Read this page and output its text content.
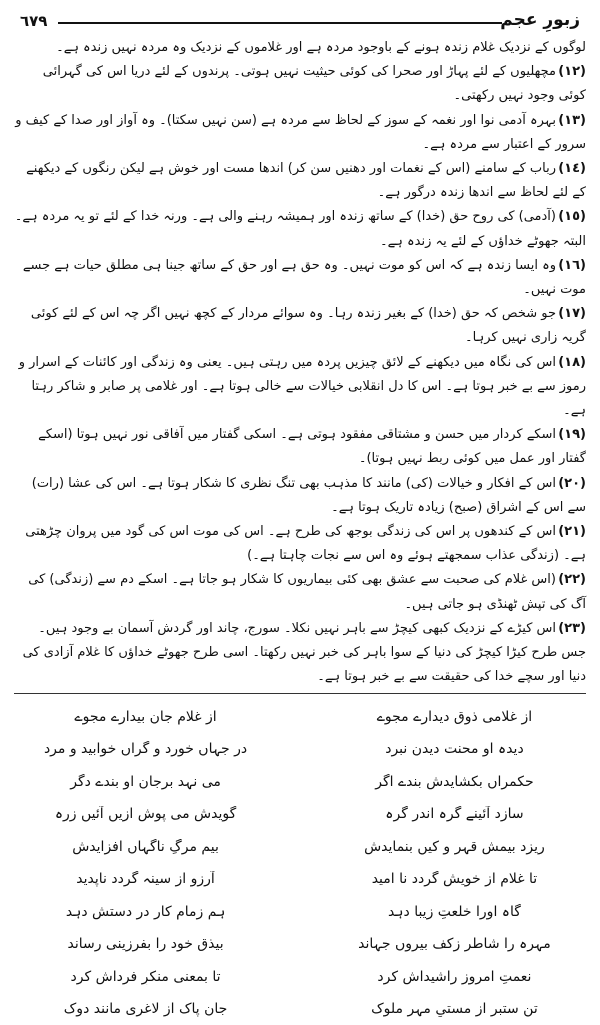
٦٧٩	زبورِ عجم

لوگوں کے نزدیک غلام زندہ ہونے کے باوجود مردہ ہے اور غلاموں کے نزدیک وہ مردہ نہیں زندہ ہے۔

(١٢)مچھلیوں کے لئے پہاڑ اور صحرا کی کوئی حیثیت نہیں ہوتی۔ پرندوں کے لئے دریا اس کی گہرائی کوئی وجود نہیں رکھتی۔

(١٣)بہرہ آدمی نوا اور نغمہ کے سوز کے لحاظ سے مردہ ہے (سن نہیں سکتا)۔ وہ آواز اور صدا کے کیف و سرور کے اعتبار سے مردہ ہے۔

(١٤)رباب کے سامنے (اس کے نغمات اور دھنیں سن کر) اندھا مست اور خوش ہے لیکن رنگوں کے دیکھنے کے لئے لحاظ سے اندھا زندہ درگور ہے۔

(١٥)(آدمی) کی روح حق (خدا) کے ساتھ زندہ اور ہمیشہ رہنے والی ہے۔ ورنہ خدا کے لئے تو یہ مردہ ہے۔ البتہ جھوٹے خداؤں کے لئے یہ زندہ ہے۔

(١٦)وہ ایسا زندہ ہے کہ اس کو موت نہیں۔ وہ حق ہے اور حق کے ساتھ جینا ہی مطلق حیات ہے جسے موت نہیں۔

(١٧)جو شخص کہ حق (خدا) کے بغیر زندہ رہا۔ وہ سوائے مردار کے کچھ نہیں اگر چہ اس کے لئے کوئی گریہ زاری نہیں کرہا۔

(١٨)اس کی نگاہ میں دیکھنے کے لائق چیزیں پردہ میں رہتی ہیں۔ یعنی وہ زندگی اور کائنات کے اسرار و رموز سے بے خبر ہوتا ہے۔ اس کا دل انقلابی خیالات سے خالی ہوتا ہے۔ اور غلامی پر صابر و شاکر رہتا ہے۔

(١٩)اسکے کردار میں حسن و مشتاقی مفقود ہوتی ہے۔ اسکی گفتار میں آفاقی نور نہیں ہوتا (اسکے گفتار اور عمل میں کوئی ربط نہیں ہوتا)۔

(٢٠)اس کے افکار و خیالات (کی) مانند کا مذہب بھی تنگ نظری کا شکار ہوتا ہے۔ اس کی عشا (رات) سے اس کے اشراق (صبح) زیادہ تاریک ہوتا ہے۔

(٢١)اس کے کندھوں پر اس کی زندگی بوجھ کی طرح ہے۔ اس کی موت اس کی گود میں پروان چڑھتی ہے۔ (زندگی عذاب سمجھتے ہوئے وہ اس سے نجات چاہتا ہے۔)

(٢٢)(اس غلام کی صحبت سے عشق بھی کئی بیماریوں کا شکار ہو جاتا ہے۔ اسکے دم سے (زندگی) کی آگ کی تپش ٹھنڈی ہو جاتی ہیں۔

(٢٣)اس کیڑے کے نزدیک کبھی کیچڑ سے باہر نہیں نکلا۔ سورج، چاند اور گردش آسمان بے وجود ہیں۔ جس طرح کیڑا کیچڑ کی دنیا کے سوا باہر کی خبر نہیں رکھتا۔ اسی طرح جھوٹے خداؤں کا غلام آزادی کی دنیا اور سچے خدا کی حقیقت سے بے خبر ہوتا ہے۔

از غلامی ذوقِ دیدارے مجوے
از غلامِ جان بیدارے مجوے
دیدہ او محنت دیدن نبرد
در جہاں خورد و گراں خوابید و مرد
حکمراں بکشایدش بندے اگر
می نہد برجان او بندے دگر
سازد آئینے گرہ اندر گرہ
گویدش می پوش ازیں آئیں زرہ
ریزد بیمش قہر و کیں بنمایدش
بیم مرگِ ناگہاں افزایدش
تا غلام از خویش گردد نا امید
آرزو از سینہ گردد ناپدید
گاہ اورا خلعتِ زیبا دہد
ہم زمامِ کار در دستش دہد
مہرہ را شاطر زکف بیروں جہاند
بیذق خود را بفرزینی رساند
نعمتِ امروز راشیداش کرد
تا بمعنی منکرِ فرداش کرد
تن ستبر از مستیِ مہر ملوک
جان پاک از لاغری مانند دوک
